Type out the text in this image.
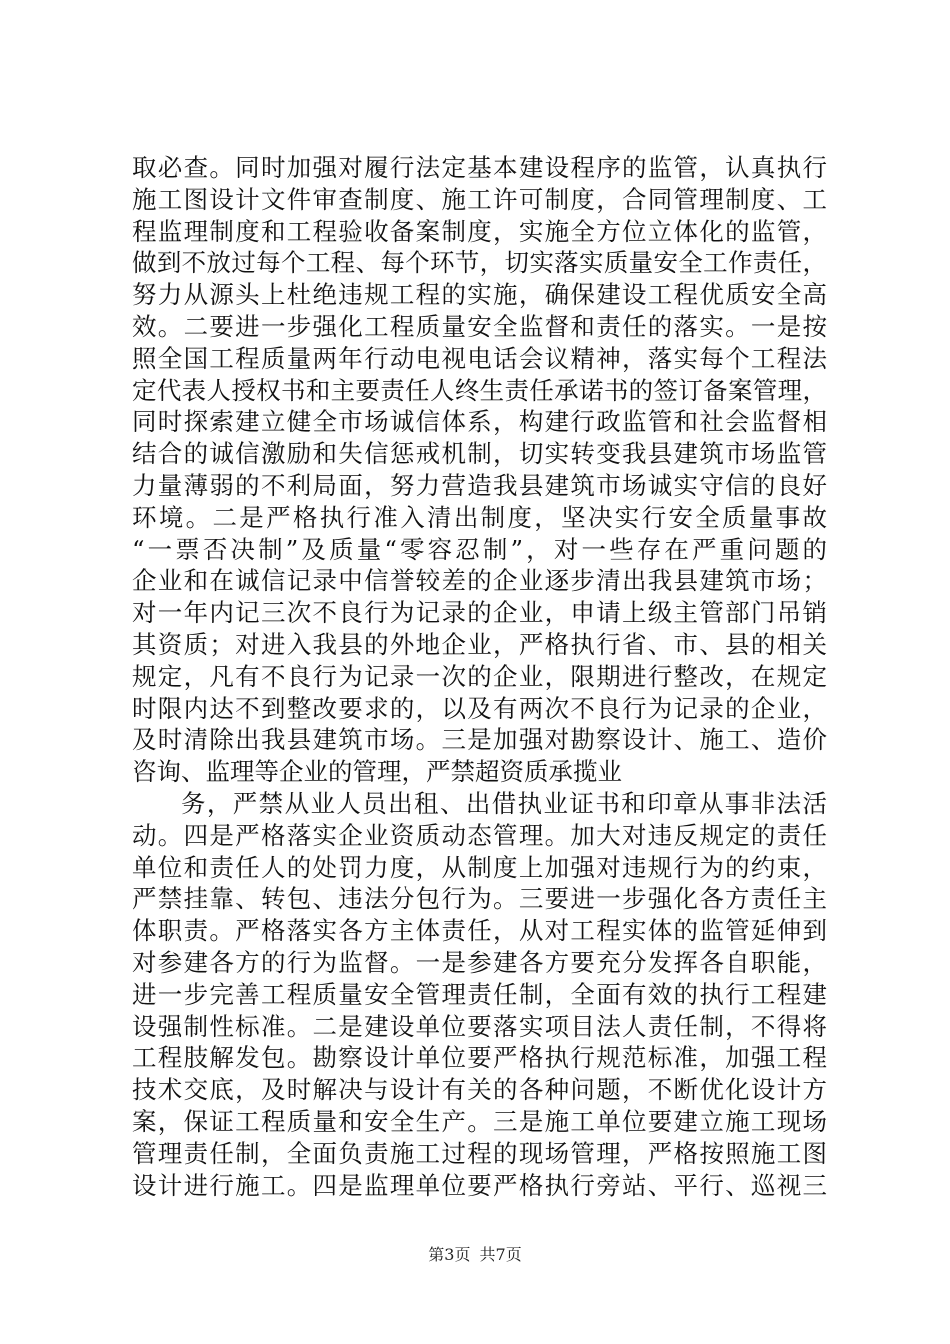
取必查。同时加强对履行法定基本建设程序的监管，认真执行
施工图设计文件审查制度、施工许可制度，合同管理制度、工
程监理制度和工程验收备案制度，实施全方位立体化的监管，
做到不放过每个工程、每个环节，切实落实质量安全工作责任，
努力从源头上杜绝违规工程的实施，确保建设工程优质安全高
效。二要进一步强化工程质量安全监督和责任的落实。一是按
照全国工程质量两年行动电视电话会议精神，落实每个工程法
定代表人授权书和主要责任人终生责任承诺书的签订备案管理，
同时探索建立健全市场诚信体系，构建行政监管和社会监督相
结合的诚信激励和失信惩戒机制，切实转变我县建筑市场监管
力量薄弱的不利局面，努力营造我县建筑市场诚实守信的良好
环境。二是严格执行准入清出制度，坚决实行安全质量事故
“一票否决制”及质量“零容忍制”，对一些存在严重问题的
企业和在诚信记录中信誉较差的企业逐步清出我县建筑市场；
对一年内记三次不良行为记录的企业，申请上级主管部门吊销
其资质；对进入我县的外地企业，严格执行省、市、县的相关
规定，凡有不良行为记录一次的企业，限期进行整改，在规定
时限内达不到整改要求的，以及有两次不良行为记录的企业，
及时清除出我县建筑市场。三是加强对勘察设计、施工、造价
咨询、监理等企业的管理，严禁超资质承揽业
务，严禁从业人员出租、出借执业证书和印章从事非法活
动。四是严格落实企业资质动态管理。加大对违反规定的责任
单位和责任人的处罚力度，从制度上加强对违规行为的约束，
严禁挂靠、转包、违法分包行为。三要进一步强化各方责任主
体职责。严格落实各方主体责任，从对工程实体的监管延伸到
对参建各方的行为监督。一是参建各方要充分发挥各自职能，
进一步完善工程质量安全管理责任制，全面有效的执行工程建
设强制性标准。二是建设单位要落实项目法人责任制，不得将
工程肢解发包。勘察设计单位要严格执行规范标准，加强工程
技术交底，及时解决与设计有关的各种问题，不断优化设计方
案，保证工程质量和安全生产。三是施工单位要建立施工现场
管理责任制，全面负责施工过程的现场管理，严格按照施工图
设计进行施工。四是监理单位要严格执行旁站、平行、巡视三
第3页 共7页
